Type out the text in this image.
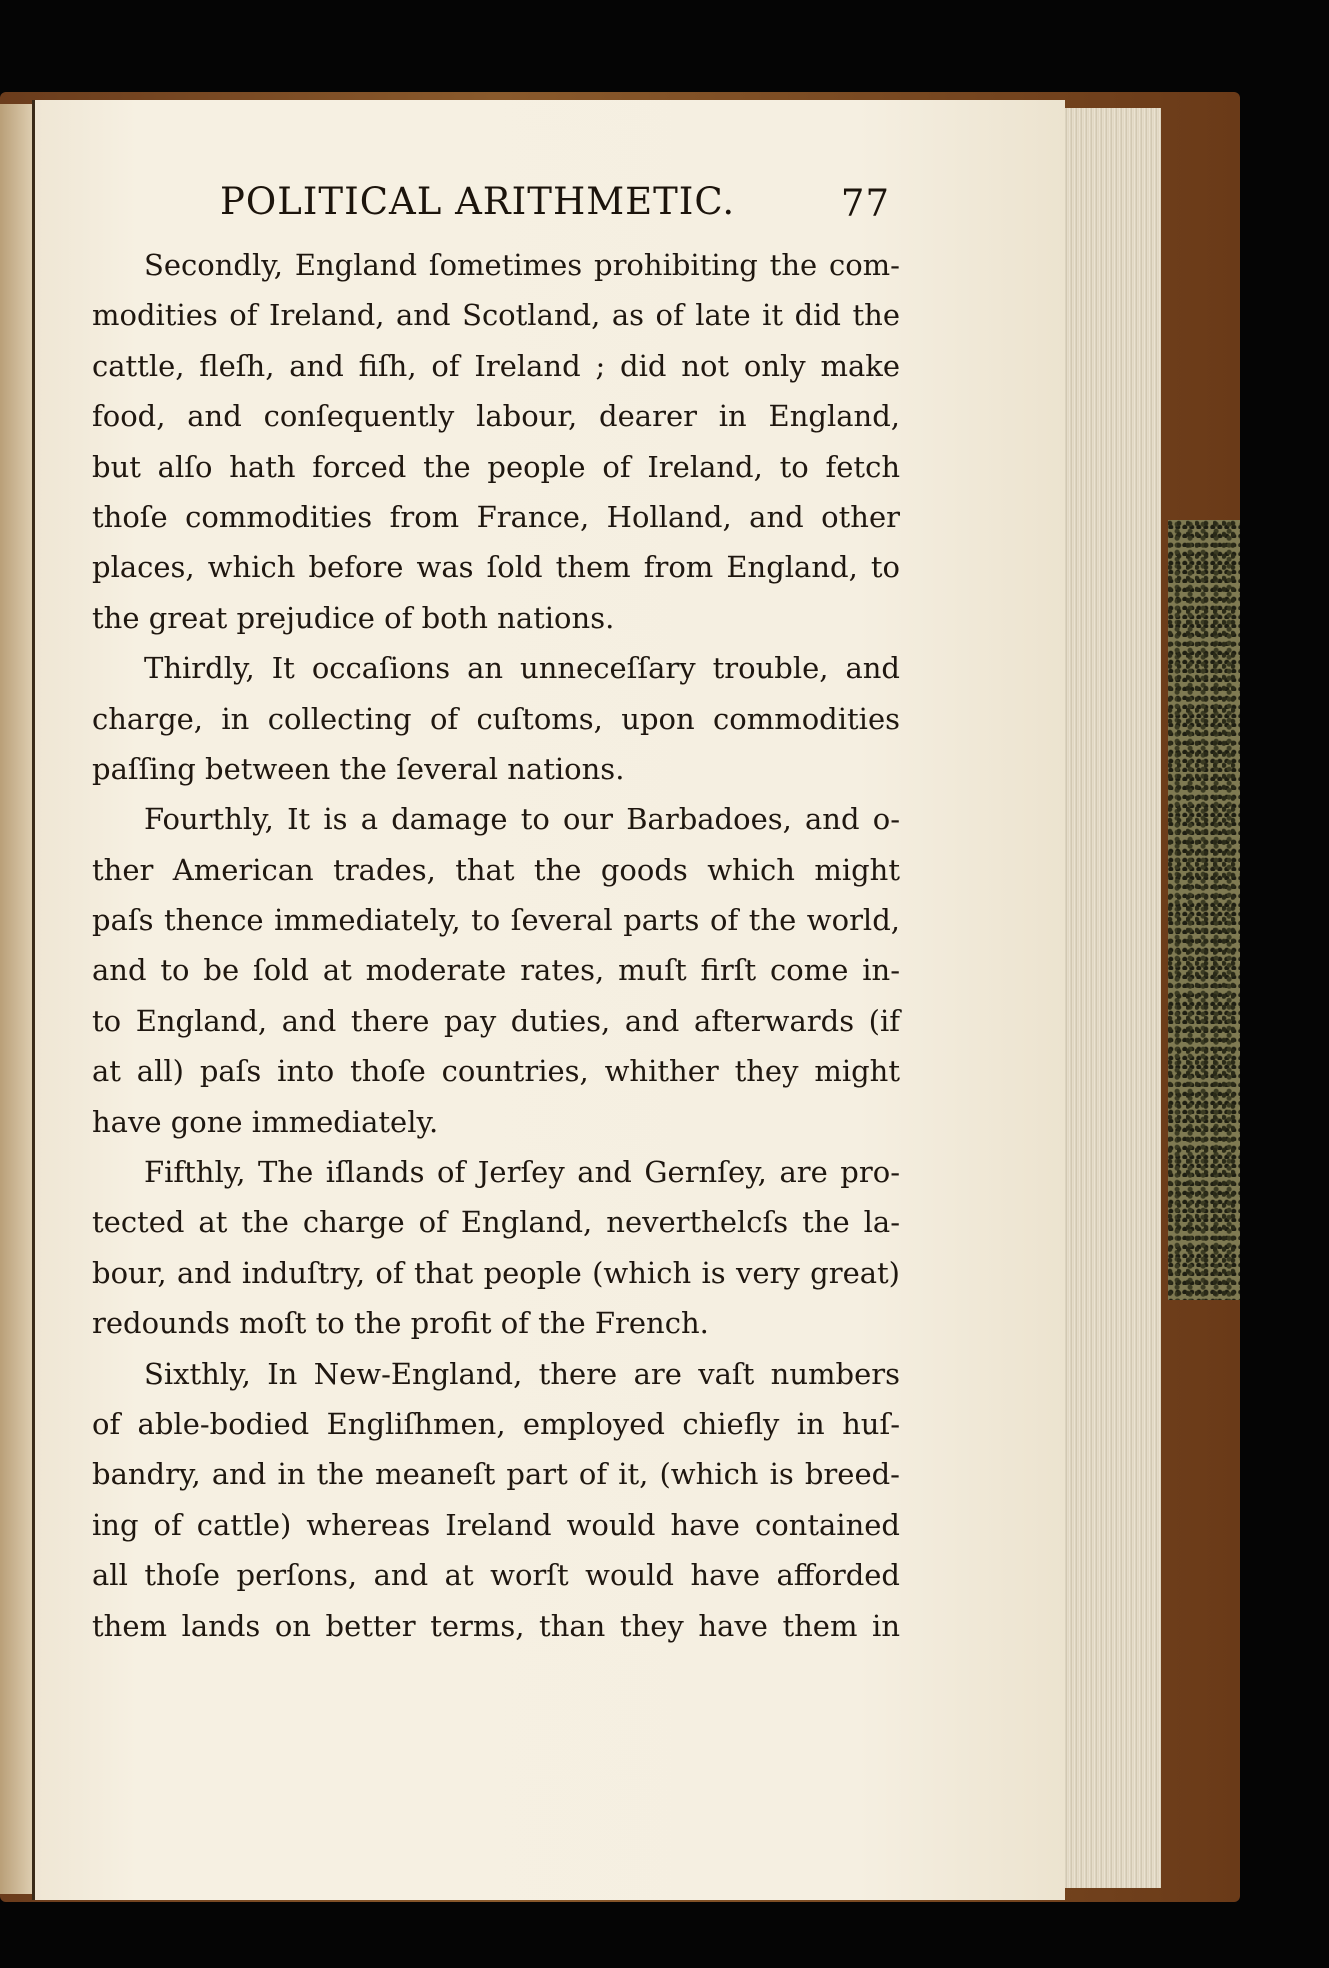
POLITICAL ARITHMETIC.	77
Secondly, England ſometimes prohibiting the com-
modities of Ireland, and Scotland, as of late it did the
cattle, fleſh, and fiſh, of Ireland ; did not only make
food, and conſequently labour, dearer in England,
but alſo hath forced the people of Ireland, to fetch
thoſe commodities from France, Holland, and other
places, which before was ſold them from England, to
the great prejudice of both nations.
Thirdly, It occaſions an unneceſſary trouble, and
charge, in collecting of cuſtoms, upon commodities
paſſing between the ſeveral nations.
Fourthly, It is a damage to our Barbadoes, and o-
ther American trades, that the goods which might
paſs thence immediately, to ſeveral parts of the world,
and to be ſold at moderate rates, muſt firſt come in-
to England, and there pay duties, and afterwards (if
at all) paſs into thoſe countries, whither they might
have gone immediately.
Fifthly, The iſlands of Jerſey and Gernſey, are pro-
tected at the charge of England, neverthelcſs the la-
bour, and induſtry, of that people (which is very great)
redounds moſt to the profit of the French.
Sixthly, In New-England, there are vaſt numbers
of able-bodied Engliſhmen, employed chiefly in huſ-
bandry, and in the meaneſt part of it, (which is breed-
ing of cattle) whereas Ireland would have contained
all thoſe perſons, and at worſt would have afforded
them lands on better terms, than they have them in
